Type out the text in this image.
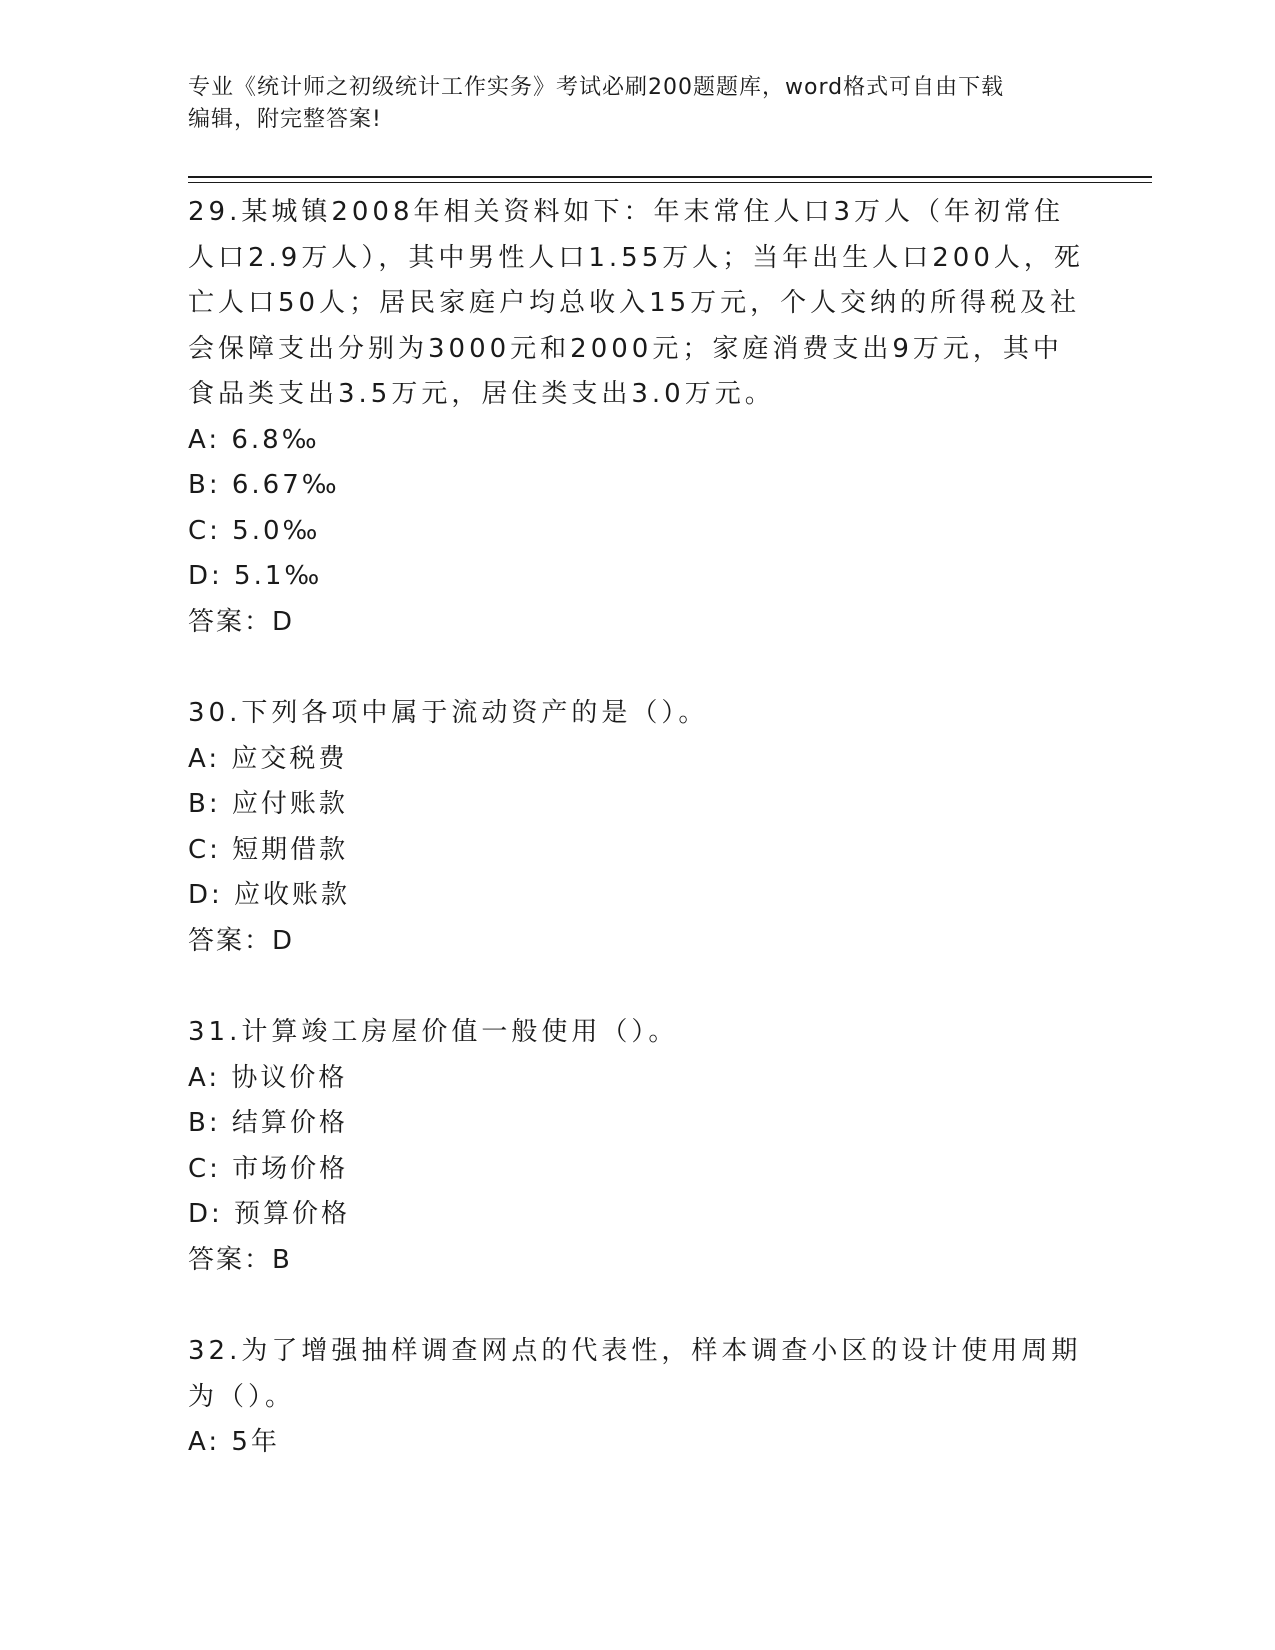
专业《统计师之初级统计工作实务》考试必刷200题题库，word格式可自由下载
编辑，附完整答案!

29.某城镇2008年相关资料如下：年末常住人口3万人（年初常住人口2.9万人），其中男性人口1.55万人；当年出生人口200人，死亡人口50人；居民家庭户均总收入15万元，个人交纳的所得税及社会保障支出分别为3000元和2000元；家庭消费支出9万元，其中食品类支出3.5万元，居住类支出3.0万元。

A: 6.8‰

B: 6.67‰

C: 5.0‰

D: 5.1‰

答案：D

30.下列各项中属于流动资产的是（）。

A: 应交税费

B: 应付账款

C: 短期借款

D: 应收账款

答案：D

31.计算竣工房屋价值一般使用（）。

A: 协议价格

B: 结算价格

C: 市场价格

D: 预算价格

答案：B

32.为了增强抽样调查网点的代表性，样本调查小区的设计使用周期为（）。

A: 5年
